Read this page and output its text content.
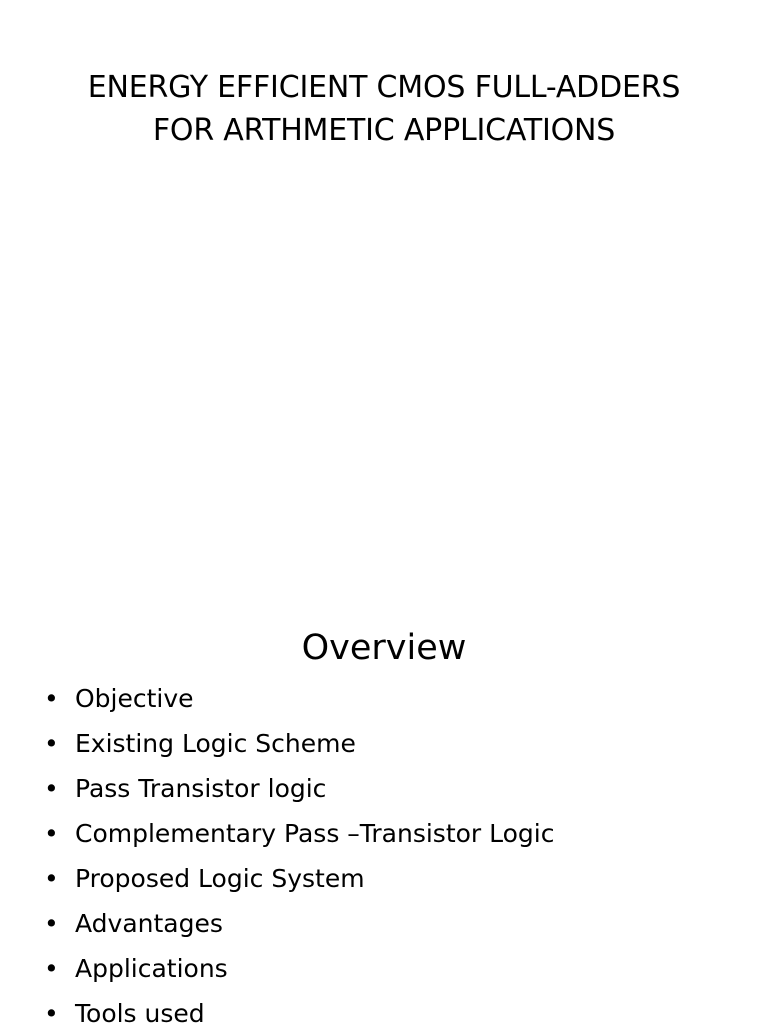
ENERGY EFFICIENT CMOS FULL-ADDERS
FOR ARTHMETIC APPLICATIONS
Overview
• Objective
• Existing Logic Scheme
• Pass Transistor logic
• Complementary Pass –Transistor Logic
• Proposed Logic System
• Advantages
• Applications
• Tools used
